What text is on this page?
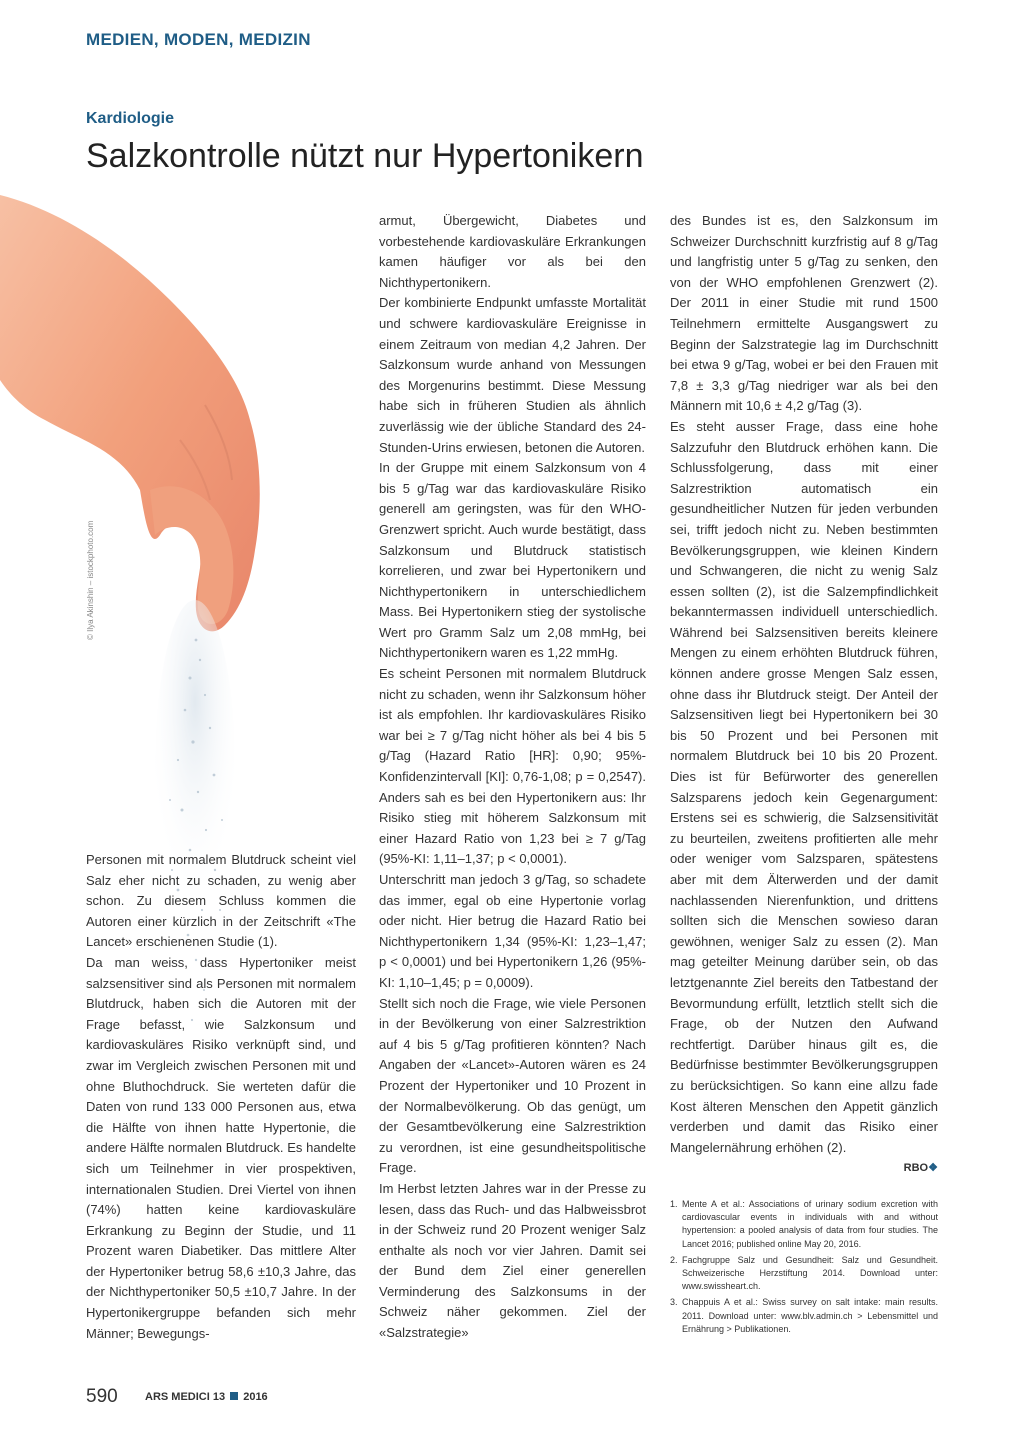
MEDIEN, MODEN, MEDIZIN
Kardiologie
Salzkontrolle nützt nur Hypertonikern
© Ilya Akinshin – istockphoto.com

Personen mit normalem Blutdruck scheint viel Salz eher nicht zu schaden, zu wenig aber schon. Zu diesem Schluss kommen die Autoren einer kürzlich in der Zeitschrift «The Lancet» erschienenen Studie (1).

Da man weiss, dass Hypertoniker meist salzsensitiver sind als Personen mit normalem Blutdruck, haben sich die Autoren mit der Frage befasst, wie Salzkonsum und kardiovaskuläres Risiko verknüpft sind, und zwar im Vergleich zwischen Personen mit und ohne Bluthochdruck. Sie werteten dafür die Daten von rund 133 000 Personen aus, etwa die Hälfte von ihnen hatte Hypertonie, die andere Hälfte normalen Blutdruck. Es handelte sich um Teilnehmer in vier prospektiven, internationalen Studien. Drei Viertel von ihnen (74%) hatten keine kardiovaskuläre Erkrankung zu Beginn der Studie, und 11 Prozent waren Diabetiker. Das mittlere Alter der Hypertoniker betrug 58,6 ±10,3 Jahre, das der Nichthypertoniker 50,5 ±10,7 Jahre. In der Hypertonikergruppe befanden sich mehr Männer; Bewegungs-

armut, Übergewicht, Diabetes und vorbestehende kardiovaskuläre Erkrankungen kamen häufiger vor als bei den Nichthypertonikern.

Der kombinierte Endpunkt umfasste Mortalität und schwere kardiovaskuläre Ereignisse in einem Zeitraum von median 4,2 Jahren. Der Salzkonsum wurde anhand von Messungen des Morgenurins bestimmt. Diese Messung habe sich in früheren Studien als ähnlich zuverlässig wie der übliche Standard des 24-Stunden-Urins erwiesen, betonen die Autoren.

In der Gruppe mit einem Salzkonsum von 4 bis 5 g/Tag war das kardiovaskuläre Risiko generell am geringsten, was für den WHO-Grenzwert spricht. Auch wurde bestätigt, dass Salzkonsum und Blutdruck statistisch korrelieren, und zwar bei Hypertonikern und Nichthypertonikern in unterschiedlichem Mass. Bei Hypertonikern stieg der systolische Wert pro Gramm Salz um 2,08 mmHg, bei Nichthypertonikern waren es 1,22 mmHg.

Es scheint Personen mit normalem Blutdruck nicht zu schaden, wenn ihr Salzkonsum höher ist als empfohlen. Ihr kardiovaskuläres Risiko war bei ≥ 7 g/Tag nicht höher als bei 4 bis 5 g/Tag (Hazard Ratio [HR]: 0,90; 95%-Konfidenzintervall [KI]: 0,76-1,08; p = 0,2547). Anders sah es bei den Hypertonikern aus: Ihr Risiko stieg mit höherem Salzkonsum mit einer Hazard Ratio von 1,23 bei ≥ 7 g/Tag (95%-KI: 1,11–1,37; p < 0,0001).

Unterschritt man jedoch 3 g/Tag, so schadete das immer, egal ob eine Hypertonie vorlag oder nicht. Hier betrug die Hazard Ratio bei Nichthypertonikern 1,34 (95%-KI: 1,23–1,47; p < 0,0001) und bei Hypertonikern 1,26 (95%-KI: 1,10–1,45; p = 0,0009).

Stellt sich noch die Frage, wie viele Personen in der Bevölkerung von einer Salzrestriktion auf 4 bis 5 g/Tag profitieren könnten? Nach Angaben der «Lancet»-Autoren wären es 24 Prozent der Hypertoniker und 10 Prozent in der Normalbevölkerung. Ob das genügt, um der Gesamtbevölkerung eine Salzrestriktion zu verordnen, ist eine gesundheitspolitische Frage.

Im Herbst letzten Jahres war in der Presse zu lesen, dass das Ruch- und das Halbweissbrot in der Schweiz rund 20 Prozent weniger Salz enthalte als noch vor vier Jahren. Damit sei der Bund dem Ziel einer generellen Verminderung des Salzkonsums in der Schweiz näher gekommen. Ziel der «Salzstrategie»

des Bundes ist es, den Salzkonsum im Schweizer Durchschnitt kurzfristig auf 8 g/Tag und langfristig unter 5 g/Tag zu senken, den von der WHO empfohlenen Grenzwert (2). Der 2011 in einer Studie mit rund 1500 Teilnehmern ermittelte Ausgangswert zu Beginn der Salzstrategie lag im Durchschnitt bei etwa 9 g/Tag, wobei er bei den Frauen mit 7,8 ± 3,3 g/Tag niedriger war als bei den Männern mit 10,6 ± 4,2 g/Tag (3).

Es steht ausser Frage, dass eine hohe Salzzufuhr den Blutdruck erhöhen kann. Die Schlussfolgerung, dass mit einer Salzrestriktion automatisch ein gesundheitlicher Nutzen für jeden verbunden sei, trifft jedoch nicht zu. Neben bestimmten Bevölkerungsgruppen, wie kleinen Kindern und Schwangeren, die nicht zu wenig Salz essen sollten (2), ist die Salzempfindlichkeit bekanntermassen individuell unterschiedlich. Während bei Salzsensitiven bereits kleinere Mengen zu einem erhöhten Blutdruck führen, können andere grosse Mengen Salz essen, ohne dass ihr Blutdruck steigt. Der Anteil der Salzsensitiven liegt bei Hypertonikern bei 30 bis 50 Prozent und bei Personen mit normalem Blutdruck bei 10 bis 20 Prozent. Dies ist für Befürworter des generellen Salzsparens jedoch kein Gegenargument: Erstens sei es schwierig, die Salzsensitivität zu beurteilen, zweitens profitierten alle mehr oder weniger vom Salzsparen, spätestens aber mit dem Älterwerden und der damit nachlassenden Nierenfunktion, und drittens sollten sich die Menschen sowieso daran gewöhnen, weniger Salz zu essen (2). Man mag geteilter Meinung darüber sein, ob das letztgenannte Ziel bereits den Tatbestand der Bevormundung erfüllt, letztlich stellt sich die Frage, ob der Nutzen den Aufwand rechtfertigt. Darüber hinaus gilt es, die Bedürfnisse bestimmter Bevölkerungsgruppen zu berücksichtigen. So kann eine allzu fade Kost älteren Menschen den Appetit gänzlich verderben und damit das Risiko einer Mangelernährung erhöhen (2).

RBO❖
1. Mente A et al.: Associations of urinary sodium excretion with cardiovascular events in individuals with and without hypertension: a pooled analysis of data from four studies. The Lancet 2016; published online May 20, 2016.
2. Fachgruppe Salz und Gesundheit: Salz und Gesundheit. Schweizerische Herzstiftung 2014. Download unter: www.swissheart.ch.
3. Chappuis A et al.: Swiss survey on salt intake: main results. 2011. Download unter: www.blv.admin.ch > Lebensmittel und Ernährung > Publikationen.
590 ARS MEDICI 13 2016
